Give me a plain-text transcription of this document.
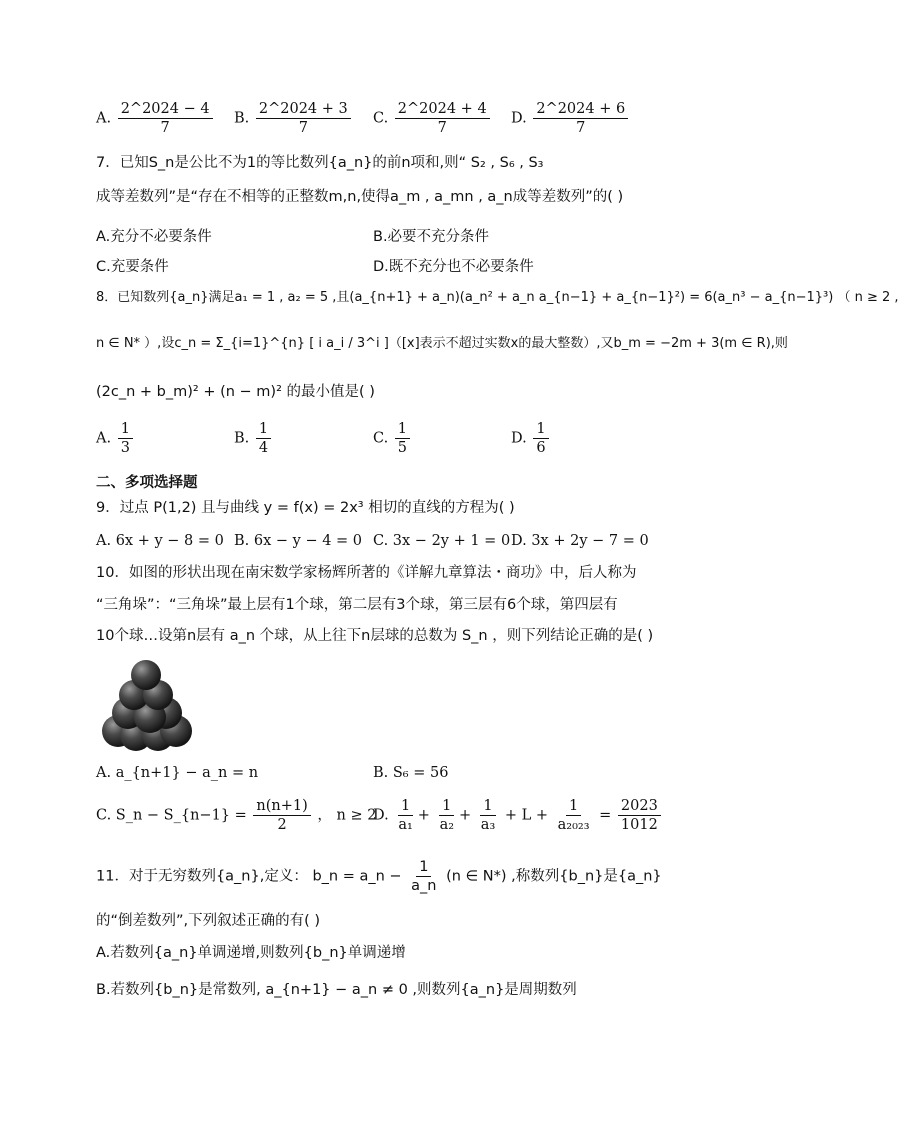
A. $\frac{2\^{}2024 - 4}{7} B$. $\frac{2\^{}2024 + 3}{7} C$. $\frac{2\^{}2024 + 4}{7} D$. $\frac{2\^{}2024 + 6}{7}$
7．已知S_n是公比不为1的等比数列{a_n}的前n项和,则“ S₂ , S₆ , S₃
成等差数列”是“存在不相等的正整数m,n,使得a_m , a_mn , a_n成等差数列”的( )
A.充分不必要条件	B.必要不充分条件
C.充要条件	D.既不充分也不必要条件
8．已知数列{a_n}满足a₁ = 1 , a₂ = 5 ,且(a_{n+1} + a_n)(a_n² + a_n a_{n−1} + a_{n−1}²) = 6(a_n³ − a_{n−1}³) （ n ≥ 2 ,
n ∈ N* ）,设c_n = Σ_{i=1}^{n} [ i a_i / 3^i ]（[x]表示不超过实数x的最大整数）,又b_m = −2m + 3(m ∈ R),则
(2c_n + b_m)² + (n − m)² 的最小值是( )
A. $\frac{1}{3}$	B. $\frac{1}{4}$	C. $\frac{1}{5}$	D. $\frac{1}{6}$
二、多项选择题
9．过点 P(1,2) 且与曲线 y = f(x) = 2x³ 相切的直线的方程为( )
A. 6x + y − 8 = 0 B. 6x − y − 4 = 0 C. 3x − 2y + 1 = 0 D. 3x + 2y − 7 = 0
10．如图的形状出现在南宋数学家杨辉所著的《详解九章算法・商功》中，后人称为
“三角垛”：“三角垛”最上层有1个球，第二层有3个球，第三层有6个球，第四层有
10个球…设第n层有 a_n 个球，从上往下n层球的总数为 S_n ，则下列结论正确的是( )
A. a_{n+1} − a_n = n	B. S₆ = 56
C. S_n − S_{n−1} = $\frac{n(n+1)}{2}$ ， n ≥ 2
D. $\frac{1}{\text{a₁}} + \frac{1}{\text{a₂}} + \frac{1}{\text{a₃}} + L + \frac{1}{\text{a₂₀₂₃}} = \frac{2023}{1012}$
11．对于无穷数列{a_n},定义： b_n = a_n − $\frac{1}{a\_n} (n$ ∈ N*) ,称数列{b_n}是{a_n}
的“倒差数列”,下列叙述正确的有( )
A.若数列{a_n}单调递增,则数列{b_n}单调递增
B.若数列{b_n}是常数列, a_{n+1} − a_n ≠ 0 ,则数列{a_n}是周期数列
